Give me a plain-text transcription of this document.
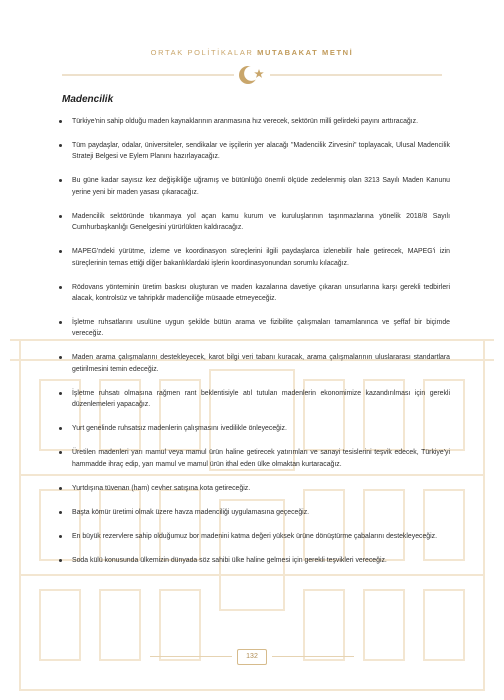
ORTAK POLİTİKALAR MUTABAKAT METNİ
Madencilik
Türkiye'nin sahip olduğu maden kaynaklarının aranmasına hız verecek, sektörün milli gelirdeki payını arttıracağız.
Tüm paydaşlar, odalar, üniversiteler, sendikalar ve işçilerin yer alacağı "Madencilik Zirvesini" toplayacak, Ulusal Madencilik Strateji Belgesi ve Eylem Planını hazırlayacağız.
Bu güne kadar sayısız kez değişikliğe uğramış ve bütünlüğü önemli ölçüde zedelenmiş olan 3213 Sayılı Maden Kanunu yerine yeni bir maden yasası çıkaracağız.
Madencilik sektöründe tıkanmaya yol açan kamu kurum ve kuruluşlarının taşınmazlarına yönelik 2018/8 Sayılı Cumhurbaşkanlığı Genelgesini yürürlükten kaldıracağız.
MAPEG'ndeki yürütme, izleme ve koordinasyon süreçlerini ilgili paydaşlarca izlenebilir hale getirecek, MAPEG'i izin süreçlerinin temas ettiği diğer bakanlıklardaki işlerin koordinasyonundan sorumlu kılacağız.
Rödovans yönteminin üretim baskısı oluşturan ve maden kazalarına davetiye çıkaran unsurlarına karşı gerekli tedbirleri alacak, kontrolsüz ve tahripkâr madenciliğe müsaade etmeyeceğiz.
İşletme ruhsatlarını usulüne uygun şekilde bütün arama ve fizibilite çalışmaları tamamlanınca ve şeffaf bir biçimde vereceğiz.
Maden arama çalışmalarını destekleyecek, karot bilgi veri tabanı kuracak, arama çalışmalarının uluslararası standartlara getirilmesini temin edeceğiz.
İşletme ruhsatı olmasına rağmen rant beklentisiyle atıl tutulan madenlerin ekonomimize kazandırılması için gerekli düzenlemeleri yapacağız.
Yurt genelinde ruhsatsız madenlerin çalışmasını ivedilikle önleyeceğiz.
Üretilen madenleri yarı mamul veya mamul ürün haline getirecek yatırımları ve sanayi tesislerini teşvik edecek, Türkiye'yi hammadde ihraç edip, yarı mamul ve mamul ürün ithal eden ülke olmaktan kurtaracağız.
Yurtdışına tüvenan (ham) cevher satışına kota getireceğiz.
Başta kömür üretimi olmak üzere havza madenciliği uygulamasına geçeceğiz.
En büyük rezervlere sahip olduğumuz bor madenini katma değeri yüksek ürüne dönüştürme çabalarını destekleyeceğiz.
Soda külü konusunda ülkemizin dünyada söz sahibi ülke haline gelmesi için gerekli teşvikleri vereceğiz.
132
